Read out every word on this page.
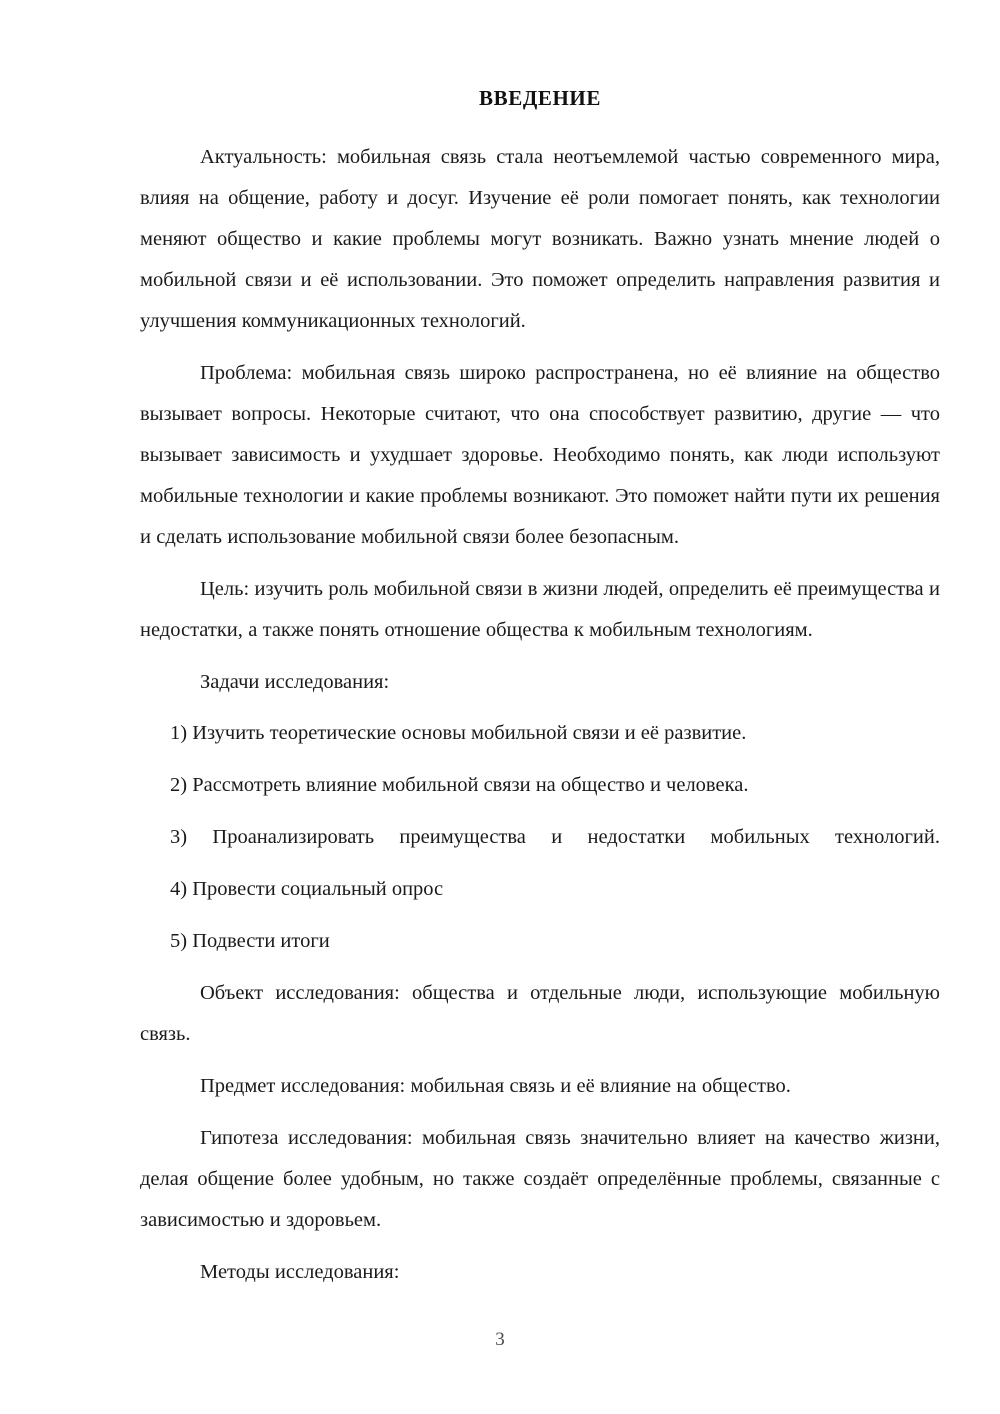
ВВЕДЕНИЕ

Актуальность: мобильная связь стала неотъемлемой частью современного мира, влияя на общение, работу и досуг. Изучение её роли помогает понять, как технологии меняют общество и какие проблемы могут возникать. Важно узнать мнение людей о мобильной связи и её использовании. Это поможет определить направления развития и улучшения коммуникационных технологий.

Проблема: мобильная связь широко распространена, но её влияние на общество вызывает вопросы. Некоторые считают, что она способствует развитию, другие — что вызывает зависимость и ухудшает здоровье. Необходимо понять, как люди используют мобильные технологии и какие проблемы возникают. Это поможет найти пути их решения и сделать использование мобильной связи более безопасным.

Цель: изучить роль мобильной связи в жизни людей, определить её преимущества и недостатки, а также понять отношение общества к мобильным технологиям.

Задачи исследования:

1) Изучить теоретические основы мобильной связи и её развитие.
2) Рассмотреть влияние мобильной связи на общество и человека.
3) Проанализировать преимущества и недостатки мобильных технологий.
4) Провести социальный опрос
5) Подвести итоги

Объект исследования: общества и отдельные люди, использующие мобильную связь.

Предмет исследования: мобильная связь и её влияние на общество.

Гипотеза исследования: мобильная связь значительно влияет на качество жизни, делая общение более удобным, но также создаёт определённые проблемы, связанные с зависимостью и здоровьем.

Методы исследования:

3
